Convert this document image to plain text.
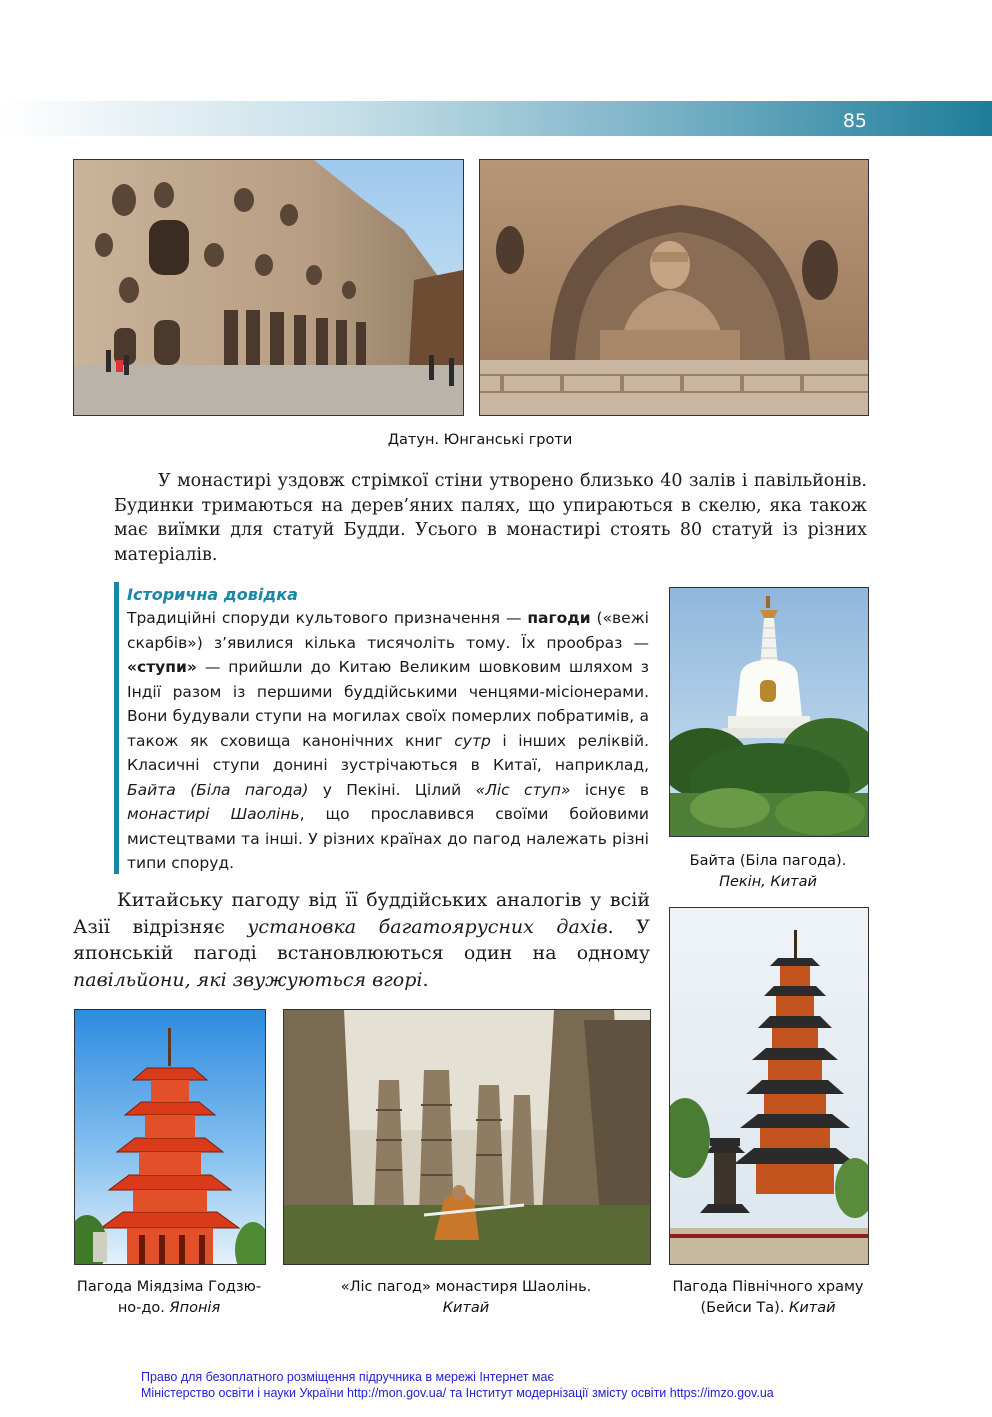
85
Датун. Юнганські гроти

У монастирі уздовж стрімкої стіни утворено близько 40 залів і павільйонів. Будинки тримаються на дерев’яних палях, що упираються в скелю, яка також має виїмки для статуй Будди. Усього в монастирі стоять 80 статуй із різних матеріалів.

Історична довідка

Традиційні споруди культового призначення — пагоди («вежі скарбів») з’явилися кілька тисячоліть тому. Їх прообраз — «ступи» — прийшли до Китаю Великим шовковим шляхом з Індії разом із першими буддійськими ченцями-місіонерами. Вони будували ступи на могилах своїх померлих побратимів, а також як сховища канонічних книг сутр і інших реліквій. Класичні ступи донині зустрічаються в Китаї, наприклад, Байта (Біла пагода) у Пекіні. Цілий «Ліс ступ» існує в монастирі Шаолінь, що прославився своїми бойовими мистецтвами та інші. У різних країнах до пагод належать різні типи споруд.	Байта (Біла пагода).
Пекін, Китай

Китайську пагоду від її буддійських аналогів у всій Азії відрізняє установка багатоярусних дахів. У японській пагоді встановлюються один на одному павільйони, які звужуються вгорі.

Пагода Міядзіма Годзю-
но-до. Японія
«Ліс пагод» монастиря Шаолінь.
Китай
Пагода Північного храму
(Бейси Та). Китай
Право для безоплатного розміщення підручника в мережі Інтернет має
Міністерство освіти і науки України http://mon.gov.ua/ та Інститут модернізації змісту освіти https://imzo.gov.ua
